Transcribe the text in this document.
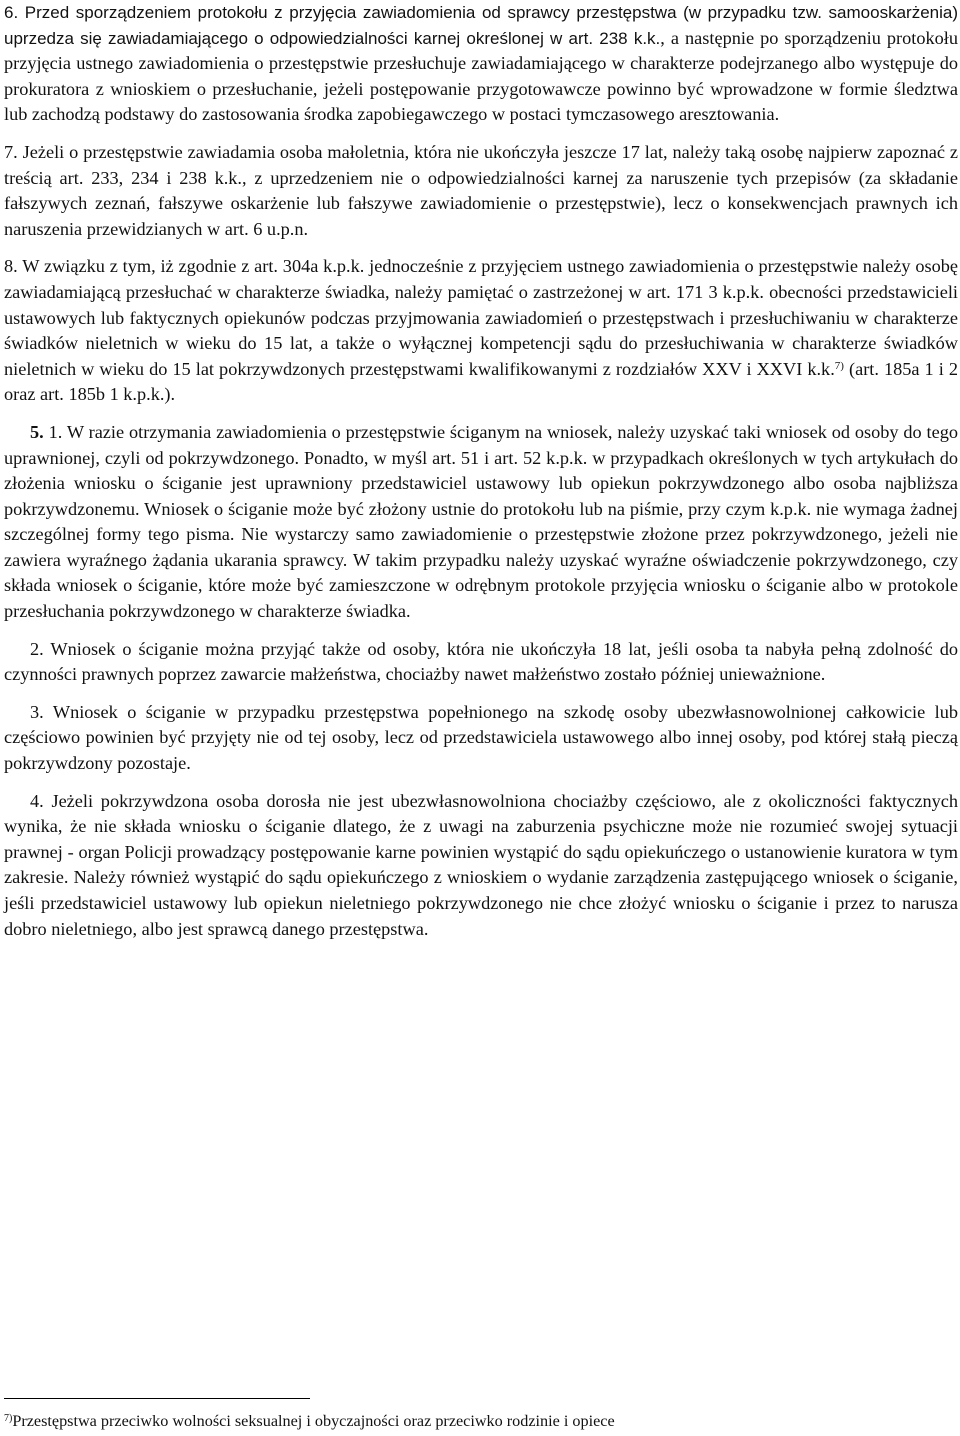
6. Przed sporządzeniem protokołu z przyjęcia zawiadomienia od sprawcy przestępstwa (w przypadku tzw. samooskarżenia) uprzedza się zawiadamiającego o odpowiedzialności karnej określonej w art. 238 k.k., a następnie po sporządzeniu protokołu przyjęcia ustnego zawiadomienia o przestępstwie przesłuchuje zawiadamiającego w charakterze podejrzanego albo występuje do prokuratora z wnioskiem o przesłuchanie, jeżeli postępowanie przygotowawcze powinno być wprowadzone w formie śledztwa lub zachodzą podstawy do zastosowania środka zapobiegawczego w postaci tymczasowego aresztowania.

7. Jeżeli o przestępstwie zawiadamia osoba małoletnia, która nie ukończyła jeszcze 17 lat, należy taką osobę najpierw zapoznać z treścią art. 233, 234 i 238 k.k., z uprzedzeniem nie o odpowiedzialności karnej za naruszenie tych przepisów (za składanie fałszywych zeznań, fałszywe oskarżenie lub fałszywe zawiadomienie o przestępstwie), lecz o konsekwencjach prawnych ich naruszenia przewidzianych w art. 6 u.p.n.

8. W związku z tym, iż zgodnie z art. 304a k.p.k. jednocześnie z przyjęciem ustnego zawiadomienia o przestępstwie należy osobę zawiadamiającą przesłuchać w charakterze świadka, należy pamiętać o zastrzeżonej w art. 171 3 k.p.k. obecności przedstawicieli ustawowych lub faktycznych opiekunów podczas przyjmowania zawiadomień o przestępstwach i przesłuchiwaniu w charakterze świadków nieletnich w wieku do 15 lat, a także o wyłącznej kompetencji sądu do przesłuchiwania w charakterze świadków nieletnich w wieku do 15 lat pokrzywdzonych przestępstwami kwalifikowanymi z rozdziałów XXV i XXVI k.k.$^{7)}$ (art. 185a 1 i 2 oraz art. 185b 1 k.p.k.).

5. 1. W razie otrzymania zawiadomienia o przestępstwie ściganym na wniosek, należy uzyskać taki wniosek od osoby do tego uprawnionej, czyli od pokrzywdzonego. Ponadto, w myśl art. 51 i art. 52 k.p.k. w przypadkach określonych w tych artykułach do złożenia wniosku o ściganie jest uprawniony przedstawiciel ustawowy lub opiekun pokrzywdzonego albo osoba najbliższa pokrzywdzonemu. Wniosek o ściganie może być złożony ustnie do protokołu lub na piśmie, przy czym k.p.k. nie wymaga żadnej szczególnej formy tego pisma. Nie wystarczy samo zawiadomienie o przestępstwie złożone przez pokrzywdzonego, jeżeli nie zawiera wyraźnego żądania ukarania sprawcy. W takim przypadku należy uzyskać wyraźne oświadczenie pokrzywdzonego, czy składa wniosek o ściganie, które może być zamieszczone w odrębnym protokole przyjęcia wniosku o ściganie albo w protokole przesłuchania pokrzywdzonego w charakterze świadka.

2. Wniosek o ściganie można przyjąć także od osoby, która nie ukończyła 18 lat, jeśli osoba ta nabyła pełną zdolność do czynności prawnych poprzez zawarcie małżeństwa, chociażby nawet małżeństwo zostało później unieważnione.

3. Wniosek o ściganie w przypadku przestępstwa popełnionego na szkodę osoby ubezwłasnowolnionej całkowicie lub częściowo powinien być przyjęty nie od tej osoby, lecz od przedstawiciela ustawowego albo innej osoby, pod której stałą pieczą pokrzywdzony pozostaje.

4. Jeżeli pokrzywdzona osoba dorosła nie jest ubezwłasnowolniona chociażby częściowo, ale z okoliczności faktycznych wynika, że nie składa wniosku o ściganie dlatego, że z uwagi na zaburzenia psychiczne może nie rozumieć swojej sytuacji prawnej - organ Policji prowadzący postępowanie karne powinien wystąpić do sądu opiekuńczego o ustanowienie kuratora w tym zakresie. Należy również wystąpić do sądu opiekuńczego z wnioskiem o wydanie zarządzenia zastępującego wniosek o ściganie, jeśli przedstawiciel ustawowy lub opiekun nieletniego pokrzywdzonego nie chce złożyć wniosku o ściganie i przez to narusza dobro nieletniego, albo jest sprawcą danego przestępstwa.

$^{7)}$Przestępstwa przeciwko wolności seksualnej i obyczajności oraz przeciwko rodzinie i opiece
